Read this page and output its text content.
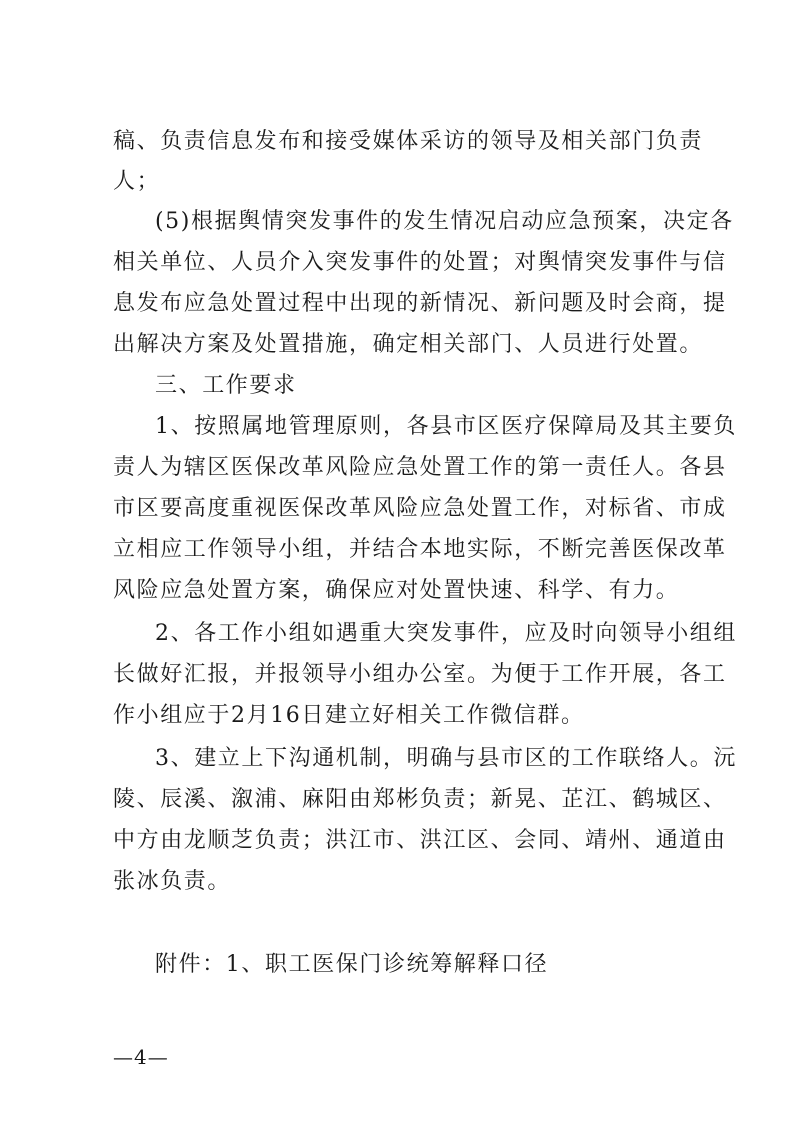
稿、负责信息发布和接受媒体采访的领导及相关部门负责
人；
(5)根据舆情突发事件的发生情况启动应急预案，决定各
相关单位、人员介入突发事件的处置；对舆情突发事件与信
息发布应急处置过程中出现的新情况、新问题及时会商，提
出解决方案及处置措施，确定相关部门、人员进行处置。
三、工作要求
1、按照属地管理原则，各县市区医疗保障局及其主要负
责人为辖区医保改革风险应急处置工作的第一责任人。各县
市区要高度重视医保改革风险应急处置工作，对标省、市成
立相应工作领导小组，并结合本地实际，不断完善医保改革
风险应急处置方案，确保应对处置快速、科学、有力。
2、各工作小组如遇重大突发事件，应及时向领导小组组
长做好汇报，并报领导小组办公室。为便于工作开展，各工
作小组应于2月16日建立好相关工作微信群。
3、建立上下沟通机制，明确与县市区的工作联络人。沅
陵、辰溪、溆浦、麻阳由郑彬负责；新晃、芷江、鹤城区、
中方由龙顺芝负责；洪江市、洪江区、会同、靖州、通道由
张冰负责。
附件：1、职工医保门诊统筹解释口径
—4—
